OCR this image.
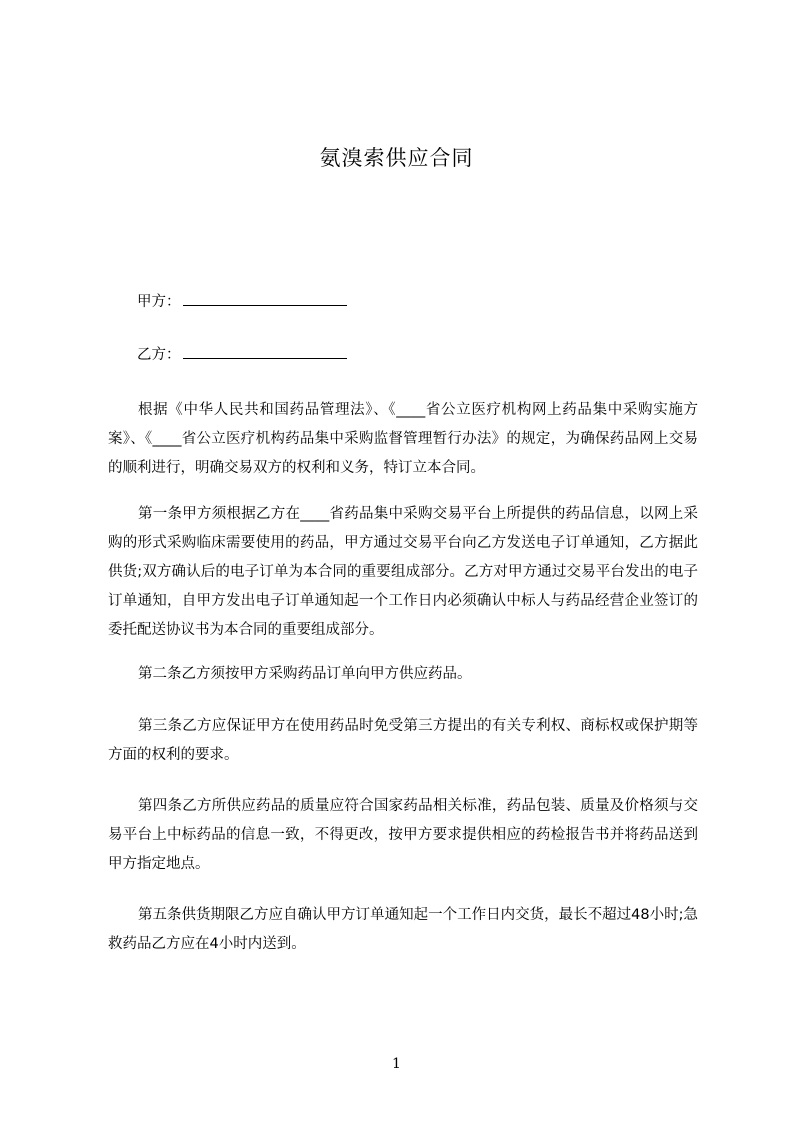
氨溴索供应合同
甲方：
乙方：
根据《中华人民共和国药品管理法》、《____省公立医疗机构网上药品集中采购实施方案》、《____省公立医疗机构药品集中采购监督管理暂行办法》的规定，为确保药品网上交易的顺利进行，明确交易双方的权利和义务，特订立本合同。
第一条甲方须根据乙方在____省药品集中采购交易平台上所提供的药品信息，以网上采购的形式采购临床需要使用的药品，甲方通过交易平台向乙方发送电子订单通知，乙方据此供货;双方确认后的电子订单为本合同的重要组成部分。乙方对甲方通过交易平台发出的电子订单通知，自甲方发出电子订单通知起一个工作日内必须确认中标人与药品经营企业签订的委托配送协议书为本合同的重要组成部分。
第二条乙方须按甲方采购药品订单向甲方供应药品。
第三条乙方应保证甲方在使用药品时免受第三方提出的有关专利权、商标权或保护期等方面的权利的要求。
第四条乙方所供应药品的质量应符合国家药品相关标准，药品包装、质量及价格须与交易平台上中标药品的信息一致，不得更改，按甲方要求提供相应的药检报告书并将药品送到甲方指定地点。
第五条供货期限乙方应自确认甲方订单通知起一个工作日内交货，最长不超过48小时;急救药品乙方应在4小时内送到。
1
